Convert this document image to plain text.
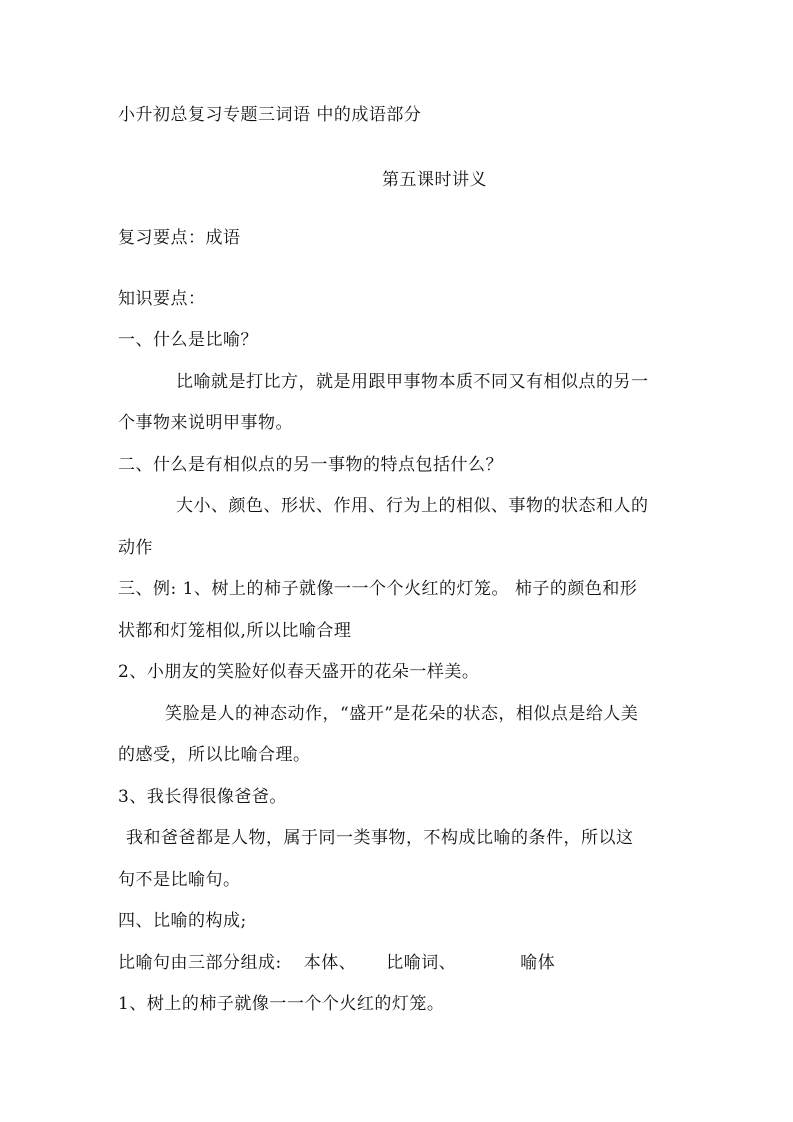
小升初总复习专题三词语 中的成语部分
第五课时讲义
复习要点：成语
知识要点：
一、什么是比喻？
比喻就是打比方，就是用跟甲事物本质不同又有相似点的另一
个事物来说明甲事物。
二、什么是有相似点的另一事物的特点包括什么？
大小、颜色、形状、作用、行为上的相似、事物的状态和人的
动作
三、例: 1、树上的柿子就像一一个个火红的灯笼。 柿子的颜色和形
状都和灯笼相似,所以比喻合理
2、小朋友的笑脸好似春天盛开的花朵一样美。
笑脸是人的神态动作，“盛开”是花朵的状态，相似点是给人美
的感受，所以比喻合理。
3、我长得很像爸爸。
我和爸爸都是人物，属于同一类事物，不构成比喻的条件，所以这
句不是比喻句。
四、比喻的构成;
比喻句由三部分组成: 本体、 比喻词、	喻体
1、树上的柿子就像一一个个火红的灯笼。
